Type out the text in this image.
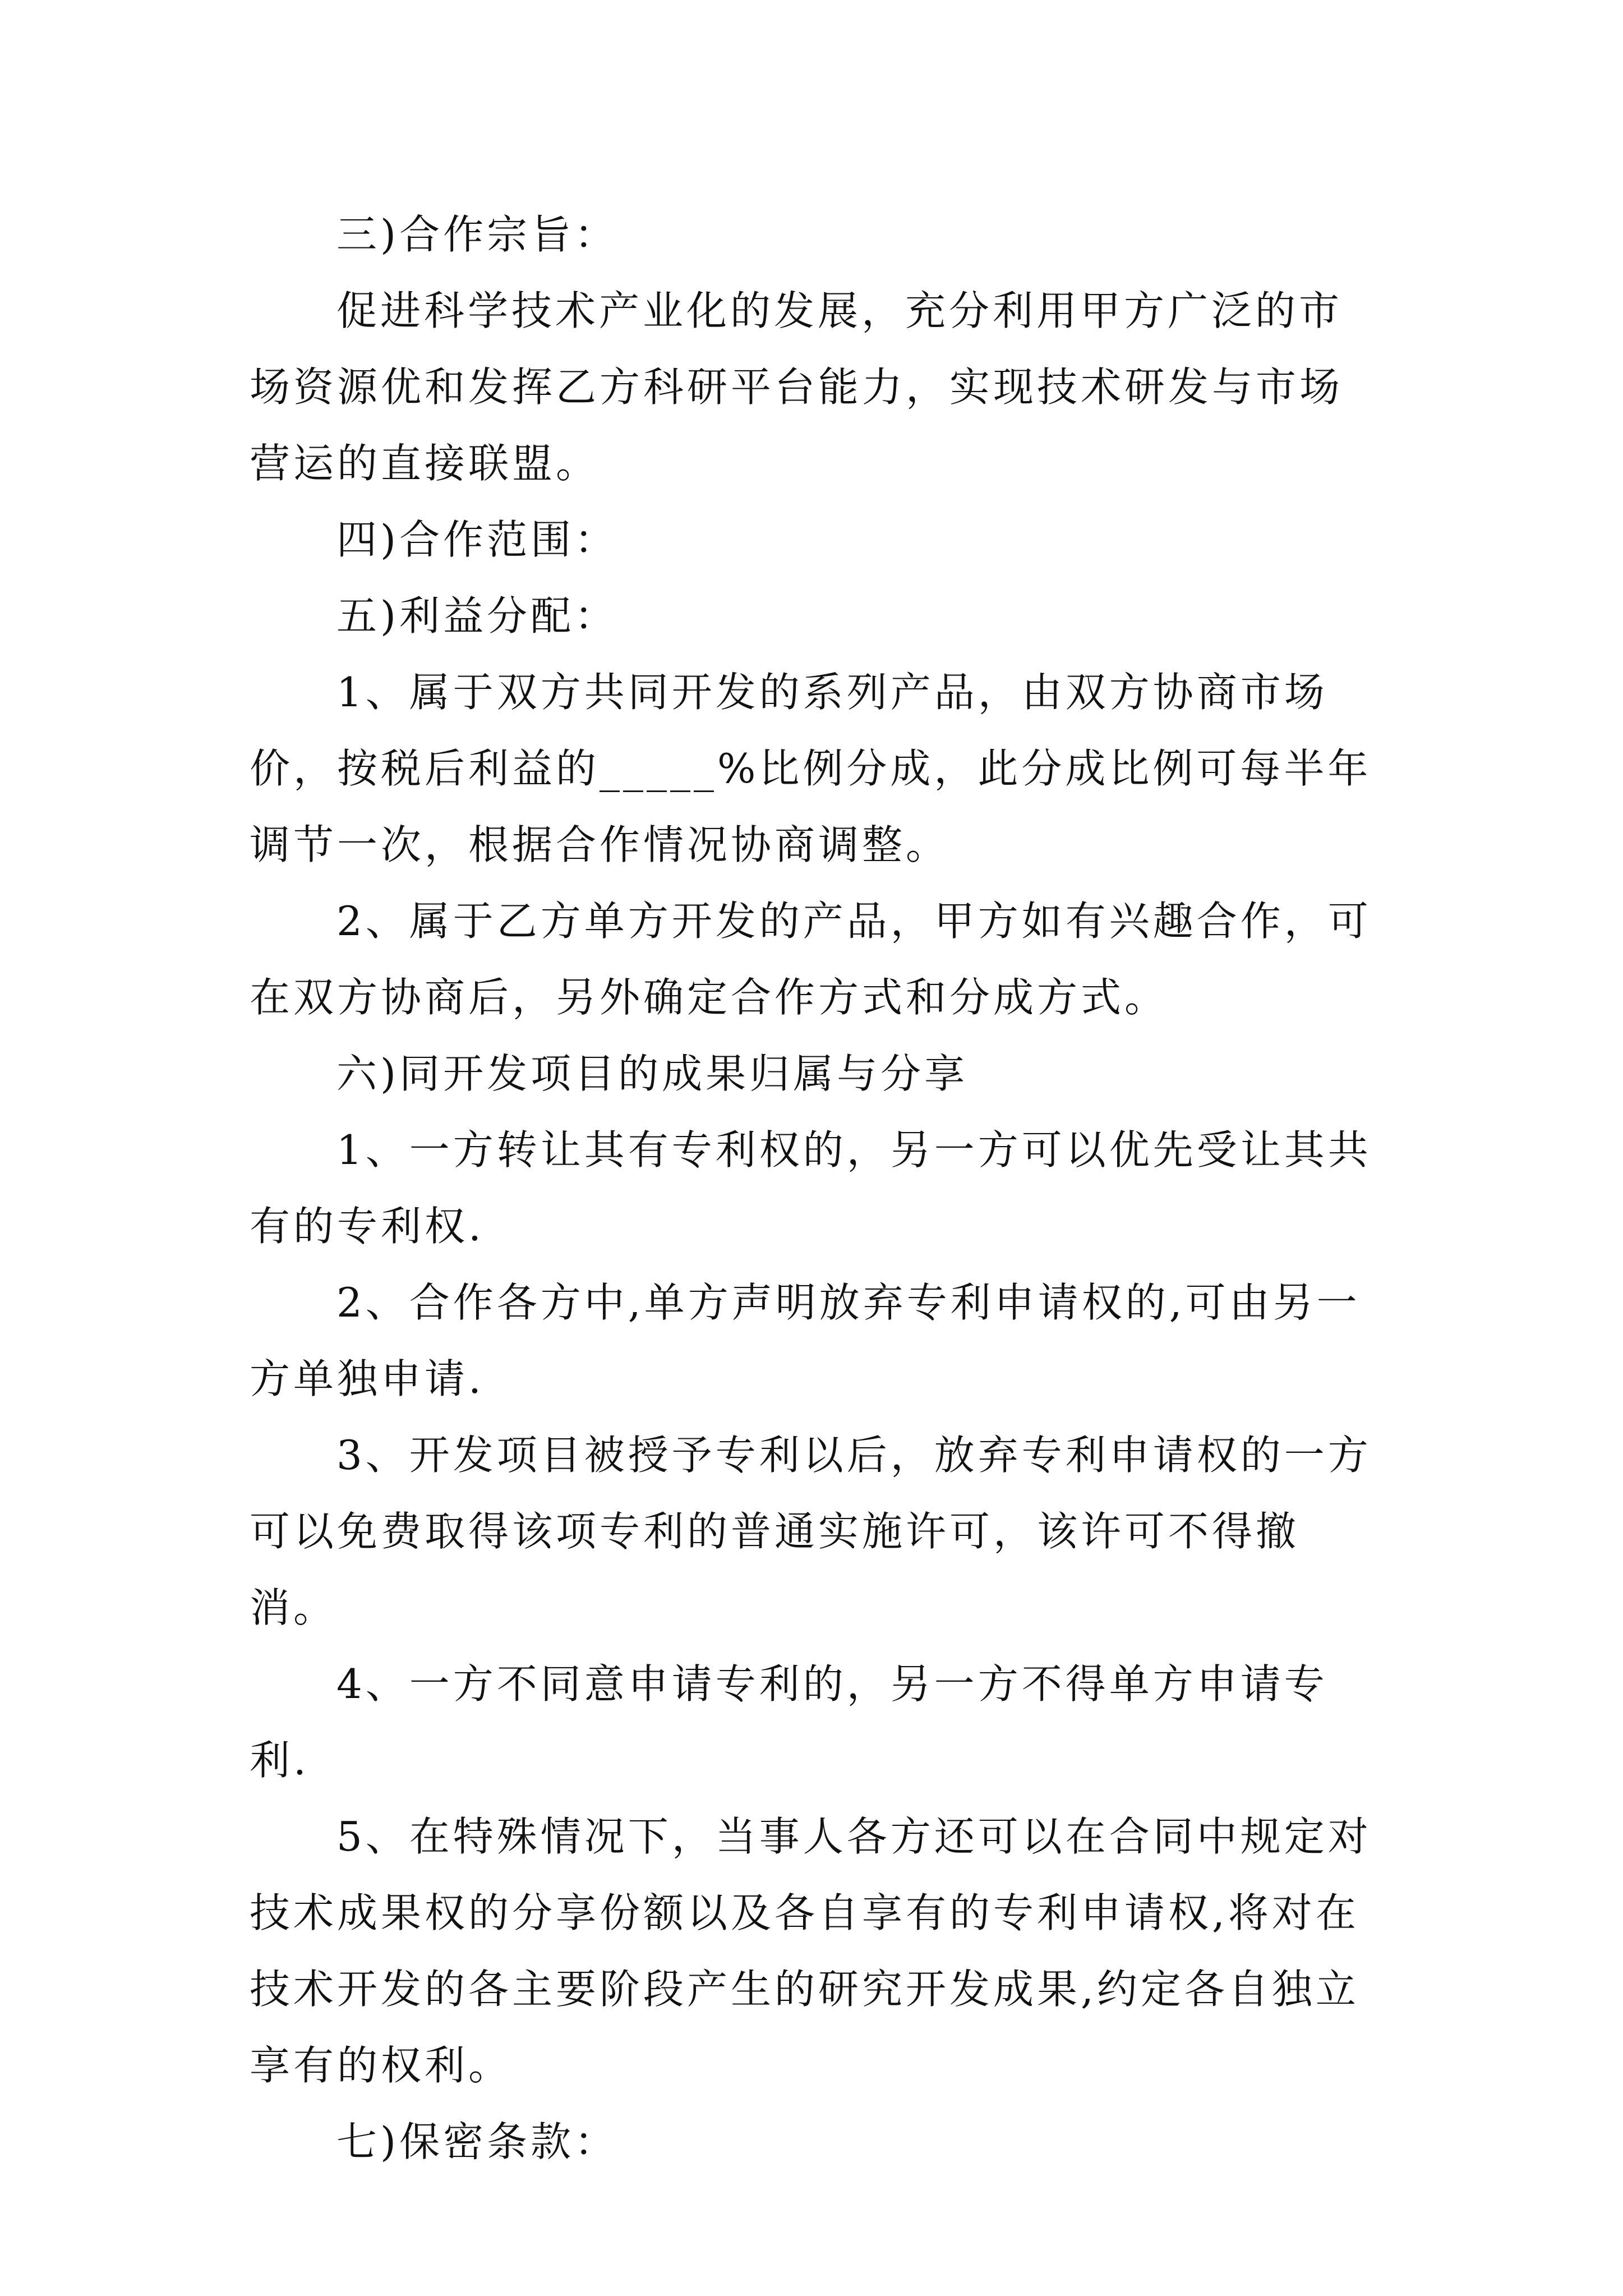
三)合作宗旨：

促进科学技术产业化的发展，充分利用甲方广泛的市场资源优和发挥乙方科研平台能力，实现技术研发与市场营运的直接联盟。

四)合作范围：

五)利益分配：

1、属于双方共同开发的系列产品，由双方协商市场价，按税后利益的_____%比例分成，此分成比例可每半年调节一次，根据合作情况协商调整。

2、属于乙方单方开发的产品，甲方如有兴趣合作，可在双方协商后，另外确定合作方式和分成方式。

六)同开发项目的成果归属与分享

1、一方转让其有专利权的，另一方可以优先受让其共有的专利权.

2、合作各方中,单方声明放弃专利申请权的,可由另一方单独申请.

3、开发项目被授予专利以后，放弃专利申请权的一方可以免费取得该项专利的普通实施许可，该许可不得撤消。

4、一方不同意申请专利的，另一方不得单方申请专利.

5、在特殊情况下，当事人各方还可以在合同中规定对技术成果权的分享份额以及各自享有的专利申请权,将对在技术开发的各主要阶段产生的研究开发成果,约定各自独立享有的权利。

七)保密条款：
